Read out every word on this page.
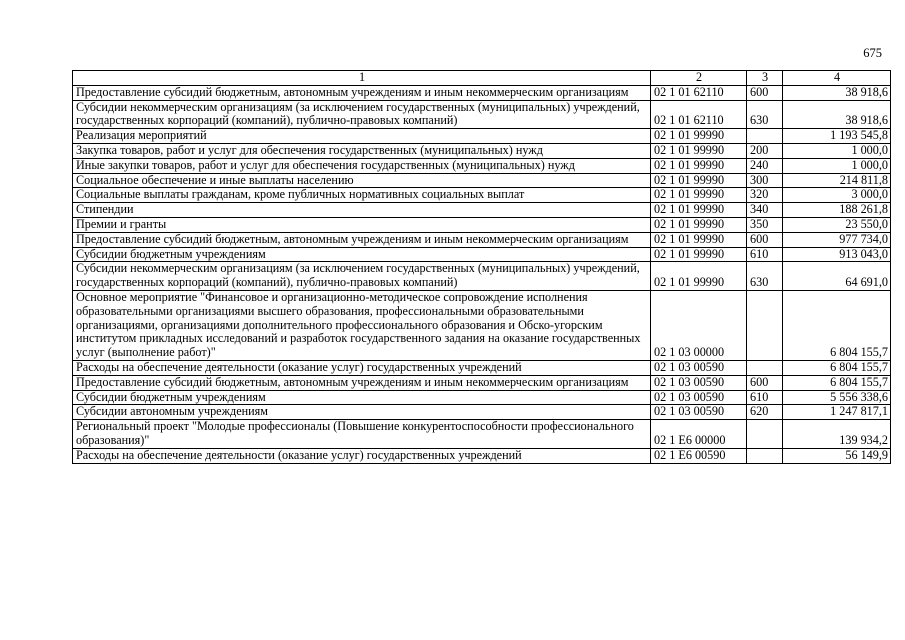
675
1	2	3	4
Предоставление субсидий бюджетным, автономным учреждениям и иным некоммерческим организациям	02 1 01 62110	600	38 918,6
Субсидии некоммерческим организациям (за исключением государственных (муниципальных) учреждений, государственных корпораций (компаний), публично-правовых компаний)	02 1 01 62110	630	38 918,6
Реализация мероприятий	02 1 01 99990		1 193 545,8
Закупка товаров, работ и услуг для обеспечения государственных (муниципальных) нужд	02 1 01 99990	200	1 000,0
Иные закупки товаров, работ и услуг для обеспечения государственных (муниципальных) нужд	02 1 01 99990	240	1 000,0
Социальное обеспечение и иные выплаты населению	02 1 01 99990	300	214 811,8
Социальные выплаты гражданам, кроме публичных нормативных социальных выплат	02 1 01 99990	320	3 000,0
Стипендии	02 1 01 99990	340	188 261,8
Премии и гранты	02 1 01 99990	350	23 550,0
Предоставление субсидий бюджетным, автономным учреждениям и иным некоммерческим организациям	02 1 01 99990	600	977 734,0
Субсидии бюджетным учреждениям	02 1 01 99990	610	913 043,0
Субсидии некоммерческим организациям (за исключением государственных (муниципальных) учреждений, государственных корпораций (компаний), публично-правовых компаний)	02 1 01 99990	630	64 691,0
Основное мероприятие "Финансовое и организационно-методическое сопровождение исполнения образовательными организациями высшего образования, профессиональными образовательными организациями, организациями дополнительного профессионального образования и Обско-угорским институтом прикладных исследований и разработок государственного задания на оказание государственных услуг (выполнение работ)"	02 1 03 00000		6 804 155,7
Расходы на обеспечение деятельности (оказание услуг) государственных учреждений	02 1 03 00590		6 804 155,7
Предоставление субсидий бюджетным, автономным учреждениям и иным некоммерческим организациям	02 1 03 00590	600	6 804 155,7
Субсидии бюджетным учреждениям	02 1 03 00590	610	5 556 338,6
Субсидии автономным учреждениям	02 1 03 00590	620	1 247 817,1
Региональный проект "Молодые профессионалы (Повышение конкурентоспособности профессионального образования)"	02 1 Е6 00000		139 934,2
Расходы на обеспечение деятельности (оказание услуг) государственных учреждений	02 1 Е6 00590		56 149,9
